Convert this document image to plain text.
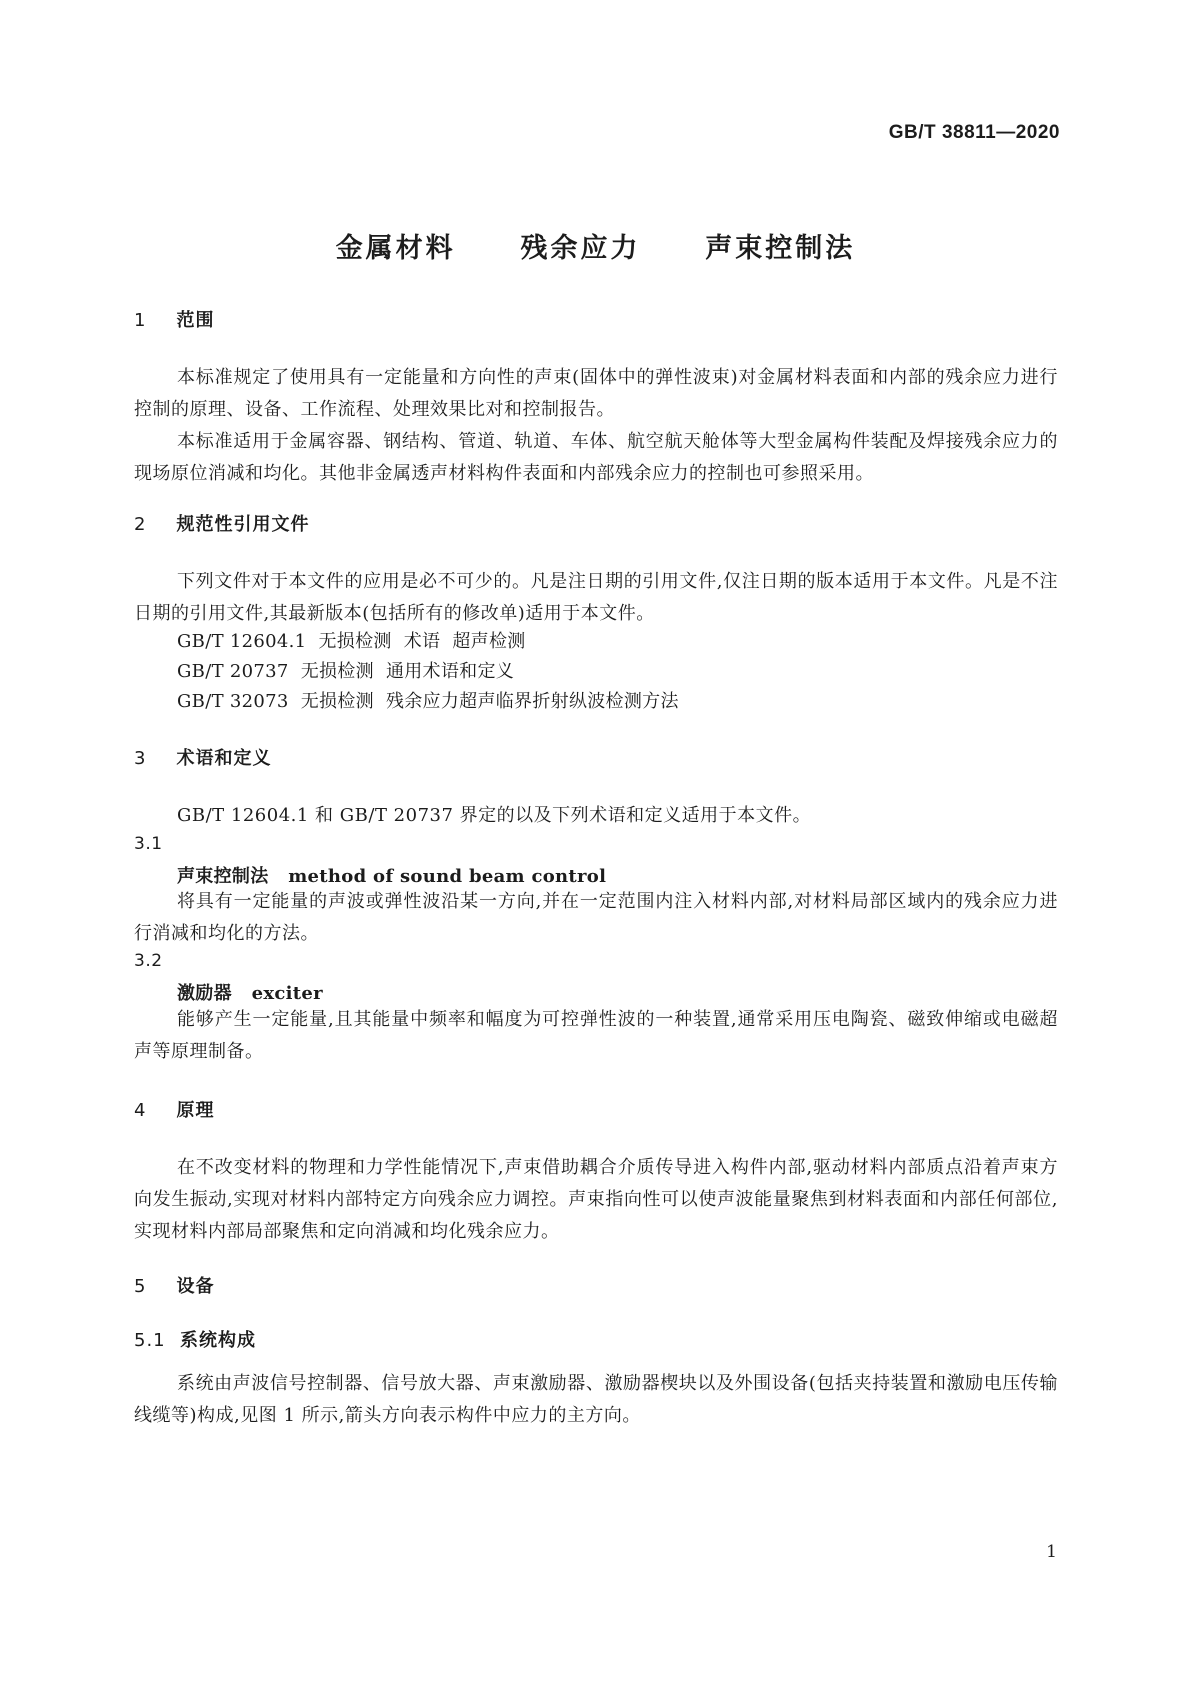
GB/T 38811—2020
金属材料  残余应力  声束控制法
1 范围
本标准规定了使用具有一定能量和方向性的声束(固体中的弹性波束)对金属材料表面和内部的残余应力进行控制的原理、设备、工作流程、处理效果比对和控制报告。
本标准适用于金属容器、钢结构、管道、轨道、车体、航空航天舱体等大型金属构件装配及焊接残余应力的现场原位消减和均化。其他非金属透声材料构件表面和内部残余应力的控制也可参照采用。
2 规范性引用文件
下列文件对于本文件的应用是必不可少的。凡是注日期的引用文件,仅注日期的版本适用于本文件。凡是不注日期的引用文件,其最新版本(包括所有的修改单)适用于本文件。
GB/T 12604.1  无损检测  术语  超声检测
GB/T 20737  无损检测  通用术语和定义
GB/T 32073  无损检测  残余应力超声临界折射纵波检测方法
3 术语和定义
GB/T 12604.1 和 GB/T 20737 界定的以及下列术语和定义适用于本文件。
3.1
声束控制法 method of sound beam control
将具有一定能量的声波或弹性波沿某一方向,并在一定范围内注入材料内部,对材料局部区域内的残余应力进行消减和均化的方法。
3.2
激励器 exciter
能够产生一定能量,且其能量中频率和幅度为可控弹性波的一种装置,通常采用压电陶瓷、磁致伸缩或电磁超声等原理制备。
4 原理
在不改变材料的物理和力学性能情况下,声束借助耦合介质传导进入构件内部,驱动材料内部质点沿着声束方向发生振动,实现对材料内部特定方向残余应力调控。声束指向性可以使声波能量聚焦到材料表面和内部任何部位,实现材料内部局部聚焦和定向消减和均化残余应力。
5 设备
5.1 系统构成
系统由声波信号控制器、信号放大器、声束激励器、激励器楔块以及外围设备(包括夹持装置和激励电压传输线缆等)构成,见图 1 所示,箭头方向表示构件中应力的主方向。
1
